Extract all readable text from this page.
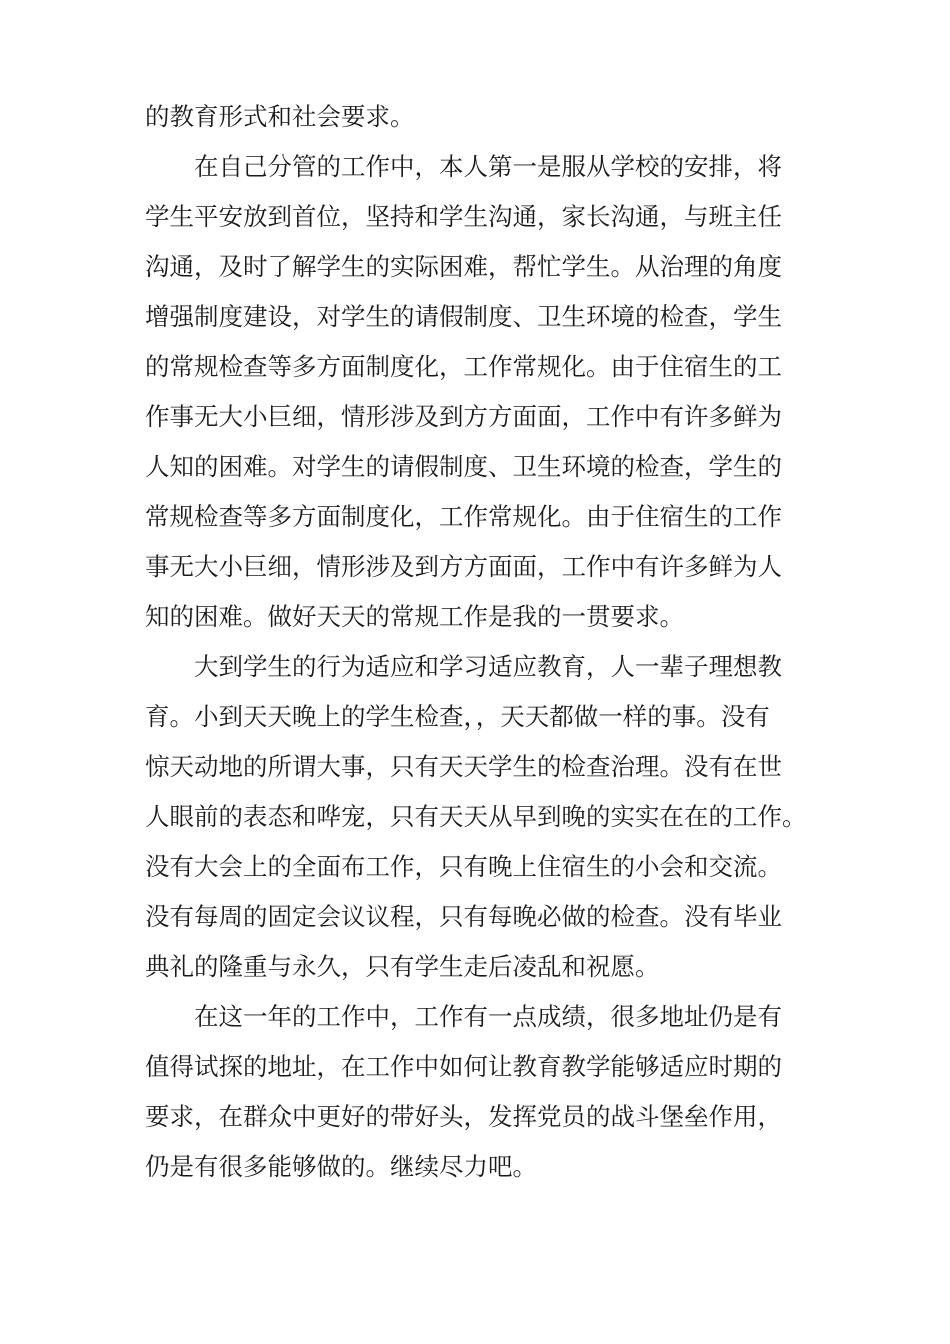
的教育形式和社会要求。

　　在自己分管的工作中，本人第一是服从学校的安排，将
学生平安放到首位，坚持和学生沟通，家长沟通，与班主任
沟通，及时了解学生的实际困难，帮忙学生。从治理的角度
增强制度建设，对学生的请假制度、卫生环境的检查，学生
的常规检查等多方面制度化，工作常规化。由于住宿生的工
作事无大小巨细，情形涉及到方方面面，工作中有许多鲜为
人知的困难。对学生的请假制度、卫生环境的检查，学生的
常规检查等多方面制度化，工作常规化。由于住宿生的工作
事无大小巨细，情形涉及到方方面面，工作中有许多鲜为人
知的困难。做好天天的常规工作是我的一贯要求。

　　大到学生的行为适应和学习适应教育，人一辈子理想教
育。小到天天晚上的学生检查，，天天都做一样的事。没有
惊天动地的所谓大事，只有天天学生的检查治理。没有在世
人眼前的表态和哗宠，只有天天从早到晚的实实在在的工作。
没有大会上的全面布工作，只有晚上住宿生的小会和交流。
没有每周的固定会议议程，只有每晚必做的检查。没有毕业
典礼的隆重与永久，只有学生走后凌乱和祝愿。

　　在这一年的工作中，工作有一点成绩，很多地址仍是有
值得试探的地址，在工作中如何让教育教学能够适应时期的
要求，在群众中更好的带好头，发挥党员的战斗堡垒作用，
仍是有很多能够做的。继续尽力吧。
